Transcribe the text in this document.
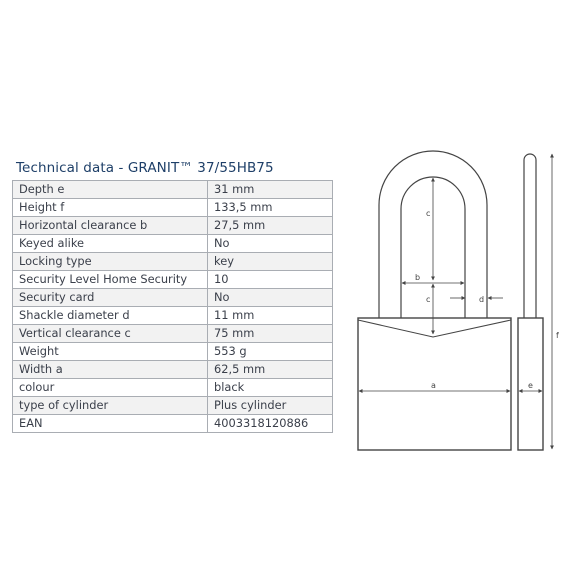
Technical data - GRANIT™ 37/55HB75
Depth e	31 mm
Height f	133,5 mm
Horizontal clearance b	27,5 mm
Keyed alike	No
Locking type	key
Security Level Home Security	10
Security card	No
Shackle diameter d	11 mm
Vertical clearance c	75 mm
Weight	553 g
Width a	62,5 mm
colour	black
type of cylinder	Plus cylinder
EAN	4003318120886
c
b
c	d
a
f
e
